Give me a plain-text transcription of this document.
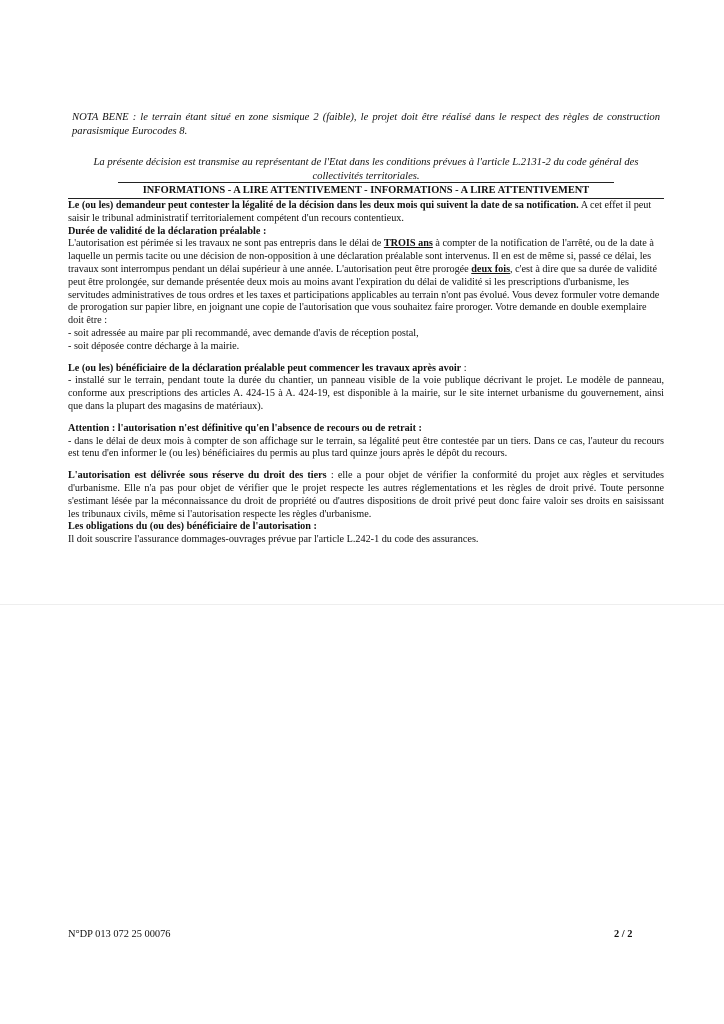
NOTA BENE : le terrain étant situé en zone sismique 2 (faible), le projet doit être réalisé dans le respect des règles de construction parasismique Eurocodes 8.

La présente décision est transmise au représentant de l'Etat dans les conditions prévues à l'article L.2131-2 du code général des collectivités territoriales.

INFORMATIONS - A LIRE ATTENTIVEMENT - INFORMATIONS - A LIRE ATTENTIVEMENT

Le (ou les) demandeur peut contester la légalité de la décision dans les deux mois qui suivent la date de sa notification. A cet effet il peut saisir le tribunal administratif territorialement compétent d'un recours contentieux.

Durée de validité de la déclaration préalable :

L'autorisation est périmée si les travaux ne sont pas entrepris dans le délai de TROIS ans à compter de la notification de l'arrêté, ou de la date à laquelle un permis tacite ou une décision de non-opposition à une déclaration préalable sont intervenus. Il en est de même si, passé ce délai, les travaux sont interrompus pendant un délai supérieur à une année. L'autorisation peut être prorogée deux fois, c'est à dire que sa durée de validité peut être prolongée, sur demande présentée deux mois au moins avant l'expiration du délai de validité si les prescriptions d'urbanisme, les servitudes administratives de tous ordres et les taxes et participations applicables au terrain n'ont pas évolué. Vous devez formuler votre demande de prorogation sur papier libre, en joignant une copie de l'autorisation que vous souhaitez faire proroger. Votre demande en double exemplaire doit être :

- soit adressée au maire par pli recommandé, avec demande d'avis de réception postal,

- soit déposée contre décharge à la mairie.

Le (ou les) bénéficiaire de la déclaration préalable peut commencer les travaux après avoir :

- installé sur le terrain, pendant toute la durée du chantier, un panneau visible de la voie publique décrivant le projet. Le modèle de panneau, conforme aux prescriptions des articles A. 424-15 à A. 424-19, est disponible à la mairie, sur le site internet urbanisme du gouvernement, ainsi que dans la plupart des magasins de matériaux).

Attention : l'autorisation n'est définitive qu'en l'absence de recours ou de retrait :

- dans le délai de deux mois à compter de son affichage sur le terrain, sa légalité peut être contestée par un tiers. Dans ce cas, l'auteur du recours est tenu d'en informer le (ou les) bénéficiaires du permis au plus tard quinze jours après le dépôt du recours.

L'autorisation est délivrée sous réserve du droit des tiers : elle a pour objet de vérifier la conformité du projet aux règles et servitudes d'urbanisme. Elle n'a pas pour objet de vérifier que le projet respecte les autres réglementations et les règles de droit privé. Toute personne s'estimant lésée par la méconnaissance du droit de propriété ou d'autres dispositions de droit privé peut donc faire valoir ses droits en saisissant les tribunaux civils, même si l'autorisation respecte les règles d'urbanisme.

Les obligations du (ou des) bénéficiaire de l'autorisation :

Il doit souscrire l'assurance dommages-ouvrages prévue par l'article L.242-1 du code des assurances.

N°DP 013 072 25 00076	2 / 2
